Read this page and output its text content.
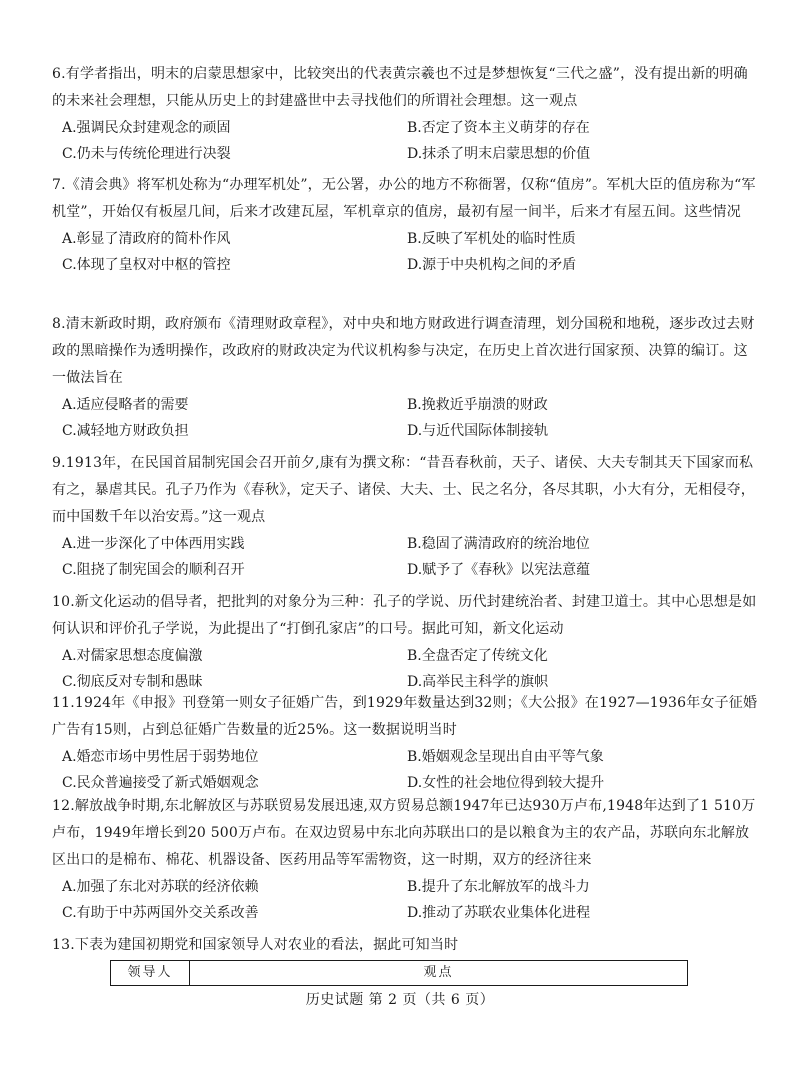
6.有学者指出，明末的启蒙思想家中，比较突出的代表黄宗羲也不过是梦想恢复“三代之盛”，没有提出新的明确的未来社会理想，只能从历史上的封建盛世中去寻找他们的所谓社会理想。这一观点

A.强调民众封建观念的顽固	B.否定了资本主义萌芽的存在
C.仍未与传统伦理进行决裂	D.抹杀了明末启蒙思想的价值

7.《清会典》将军机处称为“办理军机处”，无公署，办公的地方不称衙署，仅称“值房”。军机大臣的值房称为“军机堂”，开始仅有板屋几间，后来才改建瓦屋，军机章京的值房，最初有屋一间半，后来才有屋五间。这些情况

A.彰显了清政府的简朴作风	B.反映了军机处的临时性质
C.体现了皇权对中枢的管控	D.源于中央机构之间的矛盾

8.清末新政时期，政府颁布《清理财政章程》，对中央和地方财政进行调查清理，划分国税和地税，逐步改过去财政的黑暗操作为透明操作，改政府的财政决定为代议机构参与决定，在历史上首次进行国家预、决算的编订。这一做法旨在

A.适应侵略者的需要	B.挽救近乎崩溃的财政
C.减轻地方财政负担	D.与近代国际体制接轨

9.1913年，在民国首届制宪国会召开前夕,康有为撰文称：“昔吾春秋前，天子、诸侯、大夫专制其天下国家而私有之，暴虐其民。孔子乃作为《春秋》，定天子、诸侯、大夫、士、民之名分，各尽其职，小大有分，无相侵夺，而中国数千年以治安焉。”这一观点

A.进一步深化了中体西用实践	B.稳固了满清政府的统治地位
C.阻挠了制宪国会的顺利召开	D.赋予了《春秋》以宪法意蕴

10.新文化运动的倡导者，把批判的对象分为三种：孔子的学说、历代封建统治者、封建卫道士。其中心思想是如何认识和评价孔子学说，为此提出了“打倒孔家店”的口号。据此可知，新文化运动

A.对儒家思想态度偏激	B.全盘否定了传统文化
C.彻底反对专制和愚昧	D.高举民主科学的旗帜

11.1924年《申报》刊登第一则女子征婚广告，到1929年数量达到32则；《大公报》在1927—1936年女子征婚广告有15则，占到总征婚广告数量的近25%。这一数据说明当时

A.婚恋市场中男性居于弱势地位	B.婚姻观念呈现出自由平等气象
C.民众普遍接受了新式婚姻观念	D.女性的社会地位得到较大提升

12.解放战争时期,东北解放区与苏联贸易发展迅速,双方贸易总额1947年已达930万卢布,1948年达到了1 510万卢布，1949年增长到20 500万卢布。在双边贸易中东北向苏联出口的是以粮食为主的农产品，苏联向东北解放区出口的是棉布、棉花、机器设备、医药用品等军需物资，这一时期，双方的经济往来

A.加强了东北对苏联的经济依赖	B.提升了东北解放军的战斗力
C.有助于中苏两国外交关系改善	D.推动了苏联农业集体化进程

13.下表为建国初期党和国家领导人对农业的看法，据此可知当时

领导人	观点
历史试题 第 2 页（共 6 页）
